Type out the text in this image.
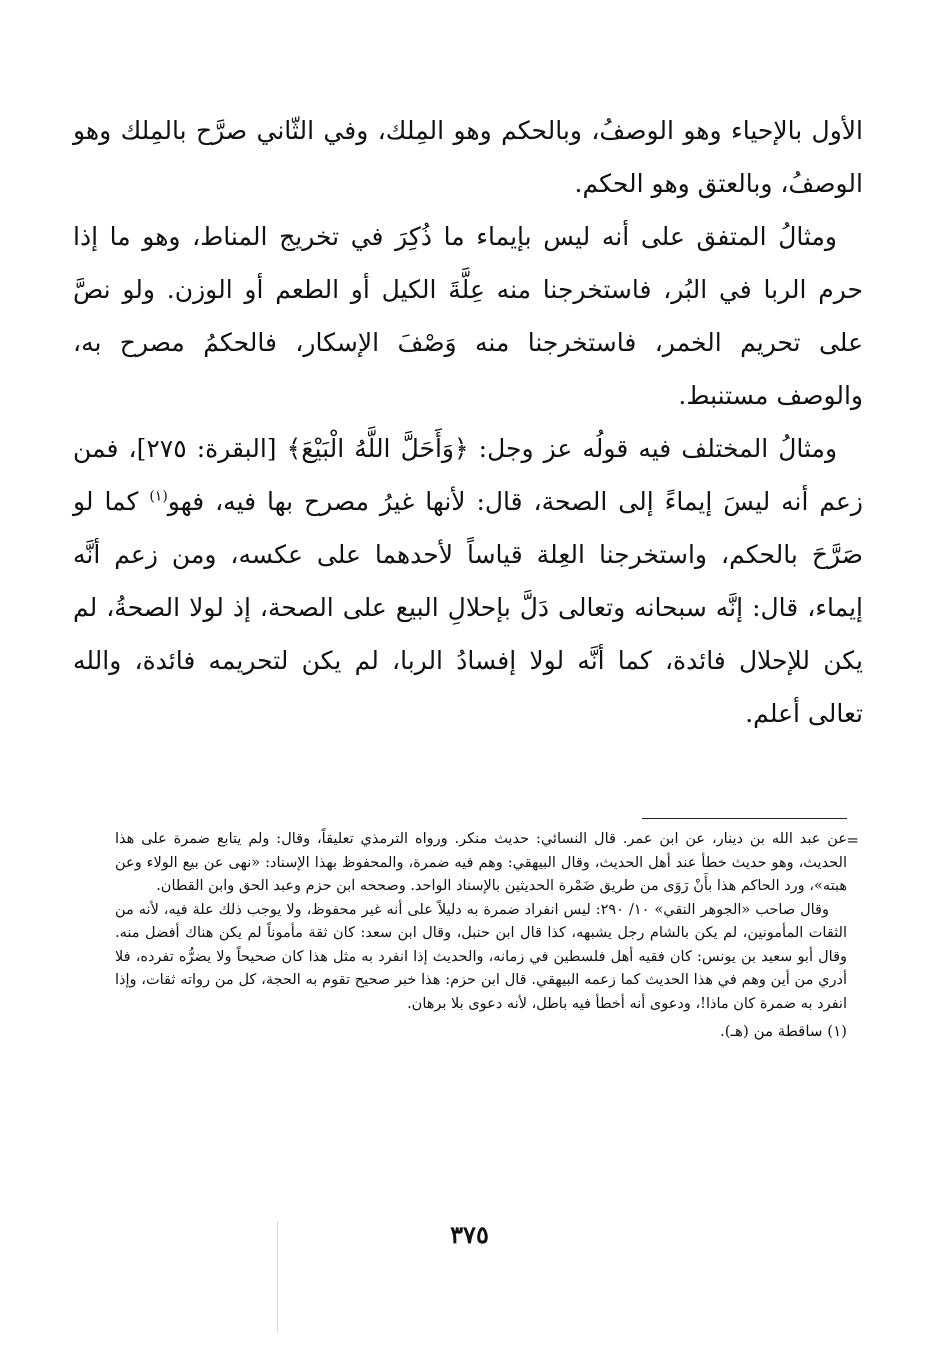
الأول بالإحياء وهو الوصفُ، وبالحكم وهو المِلك، وفي الثّاني صرَّح بالمِلك وهو الوصفُ، وبالعتق وهو الحكم.

ومثالُ المتفق على أنه ليس بإيماء ما ذُكِرَ في تخريج المناط، وهو ما إذا حرم الربا في البُر، فاستخرجنا منه عِلَّةَ الكيل أو الطعم أو الوزن. ولو نصَّ على تحريم الخمر، فاستخرجنا منه وَصْفَ الإسكار، فالحكمُ مصرح به، والوصف مستنبط.

ومثالُ المختلف فيه قولُه عز وجل: ﴿وَأَحَلَّ اللَّهُ الْبَيْعَ﴾ [البقرة: ٢٧٥]، فمن زعم أنه ليسَ إيماءً إلى الصحة، قال: لأنها غيرُ مصرح بها فيه، فهو$^{(١)}$ كما لو صَرَّحَ بالحكم، واستخرجنا العِلة قياساً لأحدهما على عكسه، ومن زعم أنَّه إيماء، قال: إنَّه سبحانه وتعالى دَلَّ بإحلالِ البيع على الصحة، إذ لولا الصحةُ، لم يكن للإحلال فائدة، كما أنَّه لولا إفسادُ الربا، لم يكن لتحريمه فائدة، والله تعالى أعلم.

=

عن عبد الله بن دينار، عن ابن عمر. قال النسائي: حديث منكر. ورواه الترمذي تعليقاً، وقال: ولم يتابع ضمرة على هذا الحديث، وهو حديث خطأ عند أهل الحديث، وقال البيهقي: وهم فيه ضمرة، والمحفوظ بهذا الإسناد: «نهى عن بيع الولاء وعن هبته»، ورد الحاكم هذا بأَنْ رَوَى من طريق ضَمْرة الحديثين بالإسناد الواحد. وصححه ابن حزم وعبد الحق وابن القطان.

وقال صاحب «الجوهر النقي» ١٠/ ٢٩٠: ليس انفراد ضمرة به دليلاً على أنه غير محفوظ، ولا يوجب ذلك علة فيه، لأنه من الثقات المأمونين، لم يكن بالشام رجل يشبهه، كذا قال ابن حنبل، وقال ابن سعد: كان ثقة مأموناً لم يكن هناك أفضل منه. وقال أبو سعيد بن يونس: كان فقيه أهل فلسطين في زمانه، والحديث إذا انفرد به مثل هذا كان صحيحاً ولا يضرُّه تفرده، فلا أدري من أين وهم في هذا الحديث كما زعمه البيهقي. قال ابن حزم: هذا خبر صحيح تقوم به الحجة، كل من رواته ثقات، وإذا انفرد به ضمرة كان ماذا!، ودعوى أنه أخطأ فيه باطل، لأنه دعوى بلا برهان.

(١) ساقطة من (هـ).

٣٧٥
